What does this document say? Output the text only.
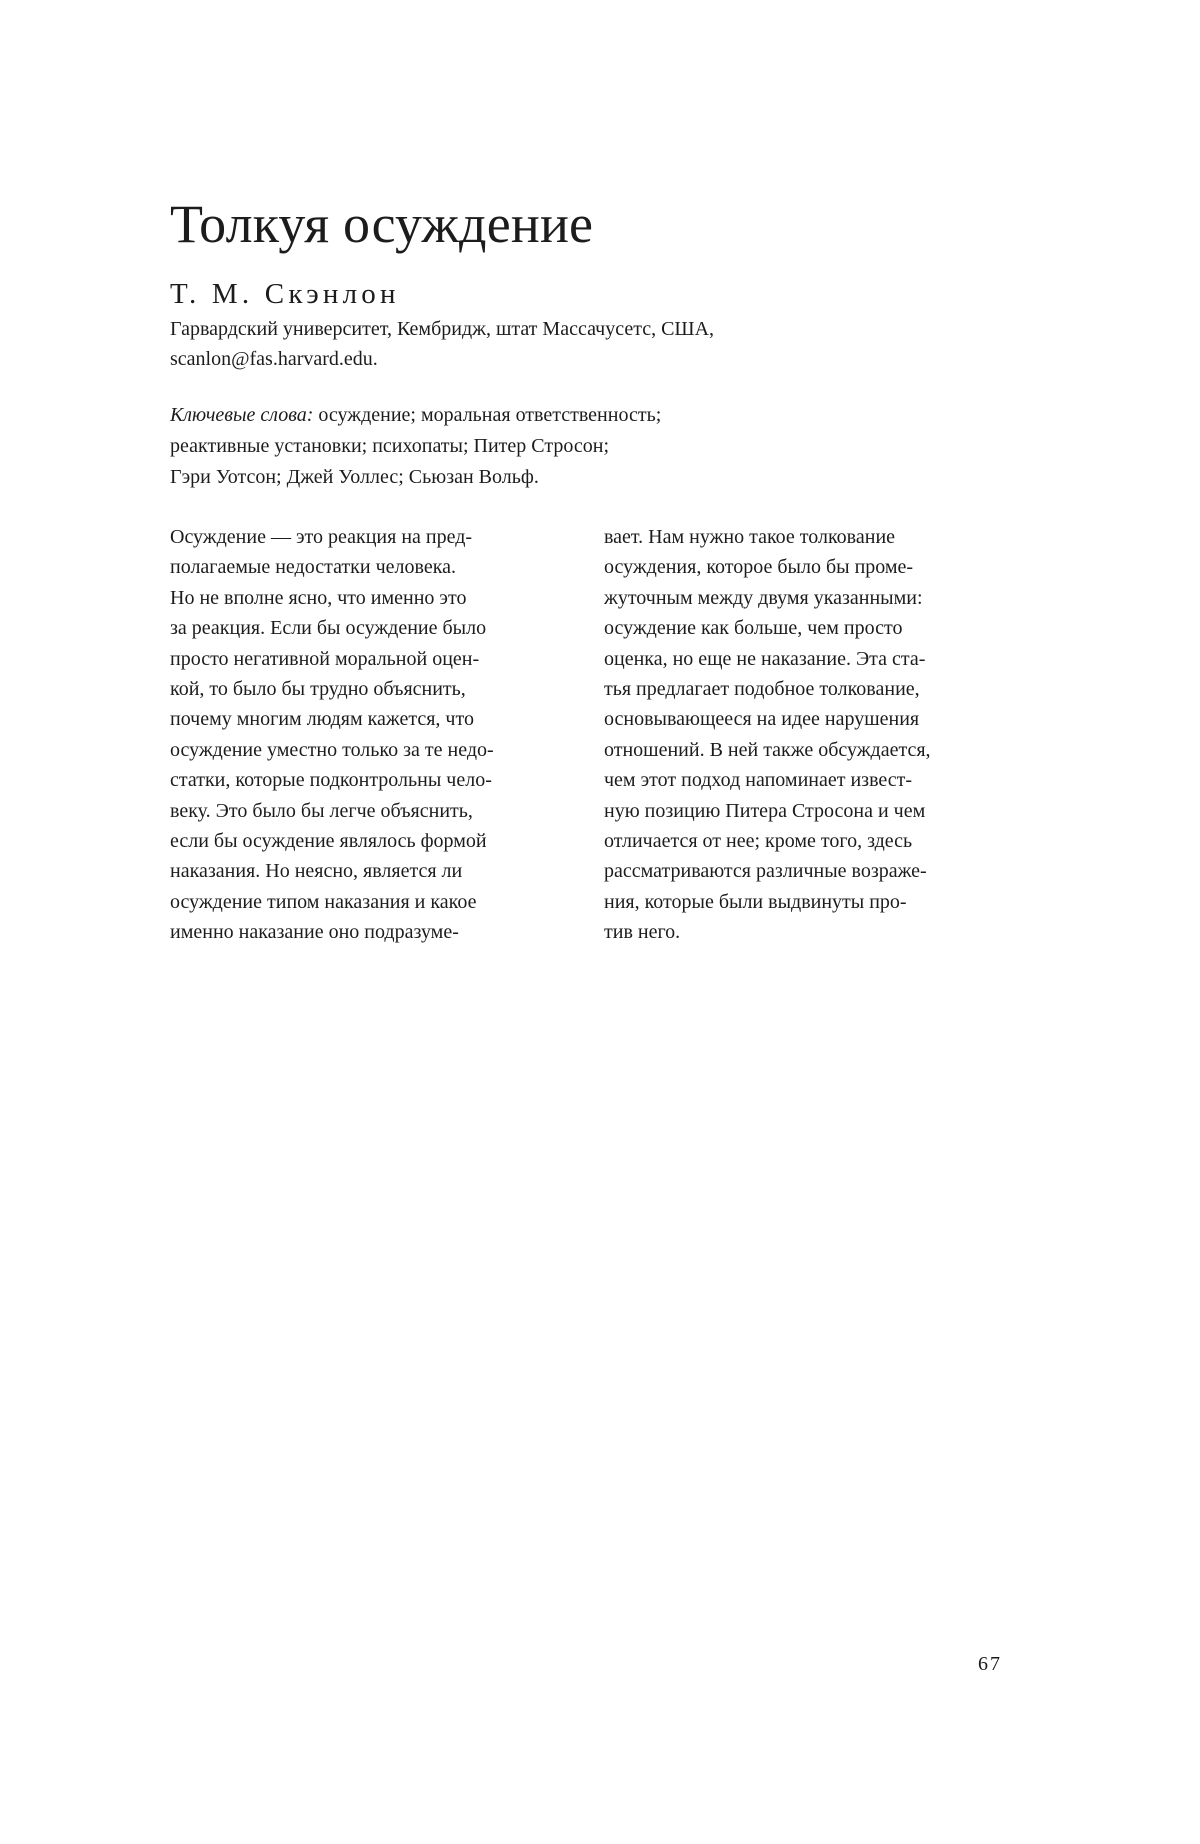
Толкуя осуждение
Т. М. Скэнлон
Гарвардский университет, Кембридж, штат Массачусетс, США,
scanlon@fas.harvard.edu.
Ключевые слова: осуждение; моральная ответственность;
реактивные установки; психопаты; Питер Стросон;
Гэри Уотсон; Джей Уоллес; Сьюзан Вольф.
Осуждение — это реакция на пред-
полагаемые недостатки человека.
Но не вполне ясно, что именно это
за реакция. Если бы осуждение было
просто негативной моральной оцен-
кой, то было бы трудно объяснить,
почему многим людям кажется, что
осуждение уместно только за те недо-
статки, которые подконтрольны чело-
веку. Это было бы легче объяснить,
если бы осуждение являлось формой
наказания. Но неясно, является ли
осуждение типом наказания и какое
именно наказание оно подразуме-
вает. Нам нужно такое толкование
осуждения, которое было бы проме-
жуточным между двумя указанными:
осуждение как больше, чем просто
оценка, но еще не наказание. Эта ста-
тья предлагает подобное толкование,
основывающееся на идее нарушения
отношений. В ней также обсуждается,
чем этот подход напоминает извест-
ную позицию Питера Стросона и чем
отличается от нее; кроме того, здесь
рассматриваются различные возраже-
ния, которые были выдвинуты про-
тив него.
67
